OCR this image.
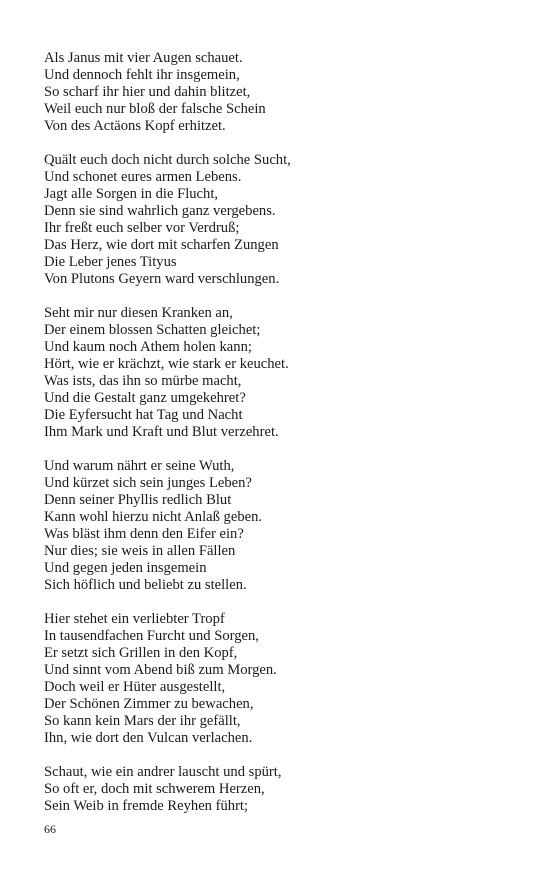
Als Janus mit vier Augen schauet.
Und dennoch fehlt ihr insgemein,
So scharf ihr hier und dahin blitzet,
Weil euch nur bloß der falsche Schein
Von des Actäons Kopf erhitzet.
Quält euch doch nicht durch solche Sucht,
Und schonet eures armen Lebens.
Jagt alle Sorgen in die Flucht,
Denn sie sind wahrlich ganz vergebens.
Ihr freßt euch selber vor Verdruß;
Das Herz, wie dort mit scharfen Zungen
Die Leber jenes Tityus
Von Plutons Geyern ward verschlungen.
Seht mir nur diesen Kranken an,
Der einem blossen Schatten gleichet;
Und kaum noch Athem holen kann;
Hört, wie er krächzt, wie stark er keuchet.
Was ists, das ihn so mürbe macht,
Und die Gestalt ganz umgekehret?
Die Eyfersucht hat Tag und Nacht
Ihm Mark und Kraft und Blut verzehret.
Und warum nährt er seine Wuth,
Und kürzet sich sein junges Leben?
Denn seiner Phyllis redlich Blut
Kann wohl hierzu nicht Anlaß geben.
Was bläst ihm denn den Eifer ein?
Nur dies; sie weis in allen Fällen
Und gegen jeden insgemein
Sich höflich und beliebt zu stellen.
Hier stehet ein verliebter Tropf
In tausendfachen Furcht und Sorgen,
Er setzt sich Grillen in den Kopf,
Und sinnt vom Abend biß zum Morgen.
Doch weil er Hüter ausgestellt,
Der Schönen Zimmer zu bewachen,
So kann kein Mars der ihr gefällt,
Ihn, wie dort den Vulcan verlachen.
Schaut, wie ein andrer lauscht und spürt,
So oft er, doch mit schwerem Herzen,
Sein Weib in fremde Reyhen führt;
66
